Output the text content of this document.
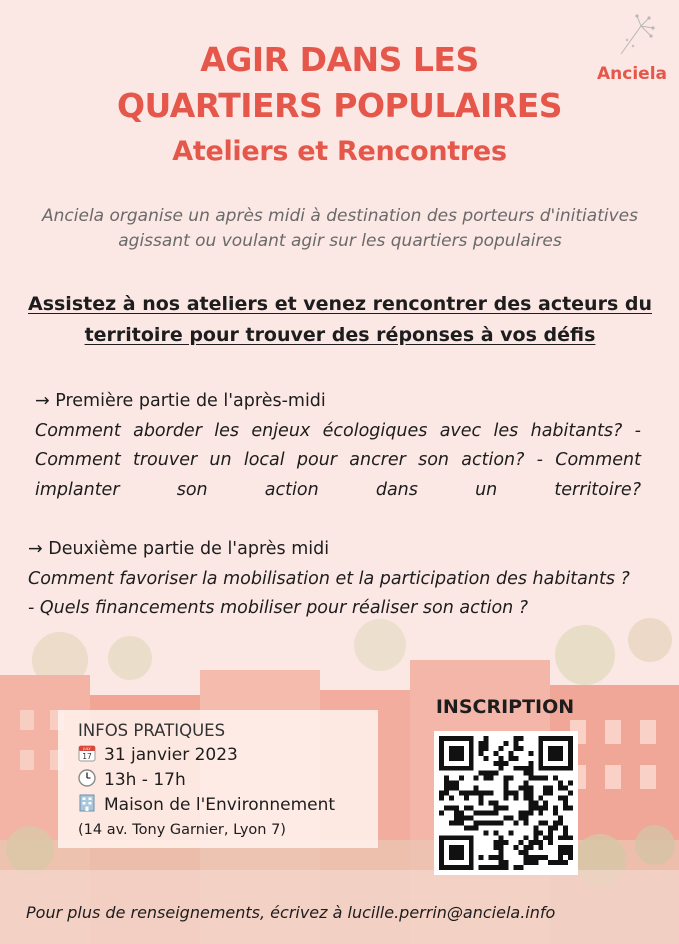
Anciela
AGIR DANS LES
QUARTIERS POPULAIRES
Ateliers et Rencontres
Anciela organise un après midi à destination des porteurs d'initiatives agissant ou voulant agir sur les quartiers populaires
Assistez à nos ateliers et venez rencontrer des acteurs du territoire pour trouver des réponses à vos défis
→ Première partie de l'après-midi
Comment aborder les enjeux écologiques avec les habitants? - Comment trouver un local pour ancrer son action? - Comment implanter son action dans un territoire?
→ Deuxième partie de l'après midi
Comment favoriser la mobilisation et la participation des habitants ? - Quels financements mobiliser pour réaliser son action ?
INFOS PRATIQUES
JULY
17 31 janvier 2023
13h - 17h
Maison de l'Environnement
(14 av. Tony Garnier, Lyon 7)
INSCRIPTION
Pour plus de renseignements, écrivez à lucille.perrin@anciela.info
